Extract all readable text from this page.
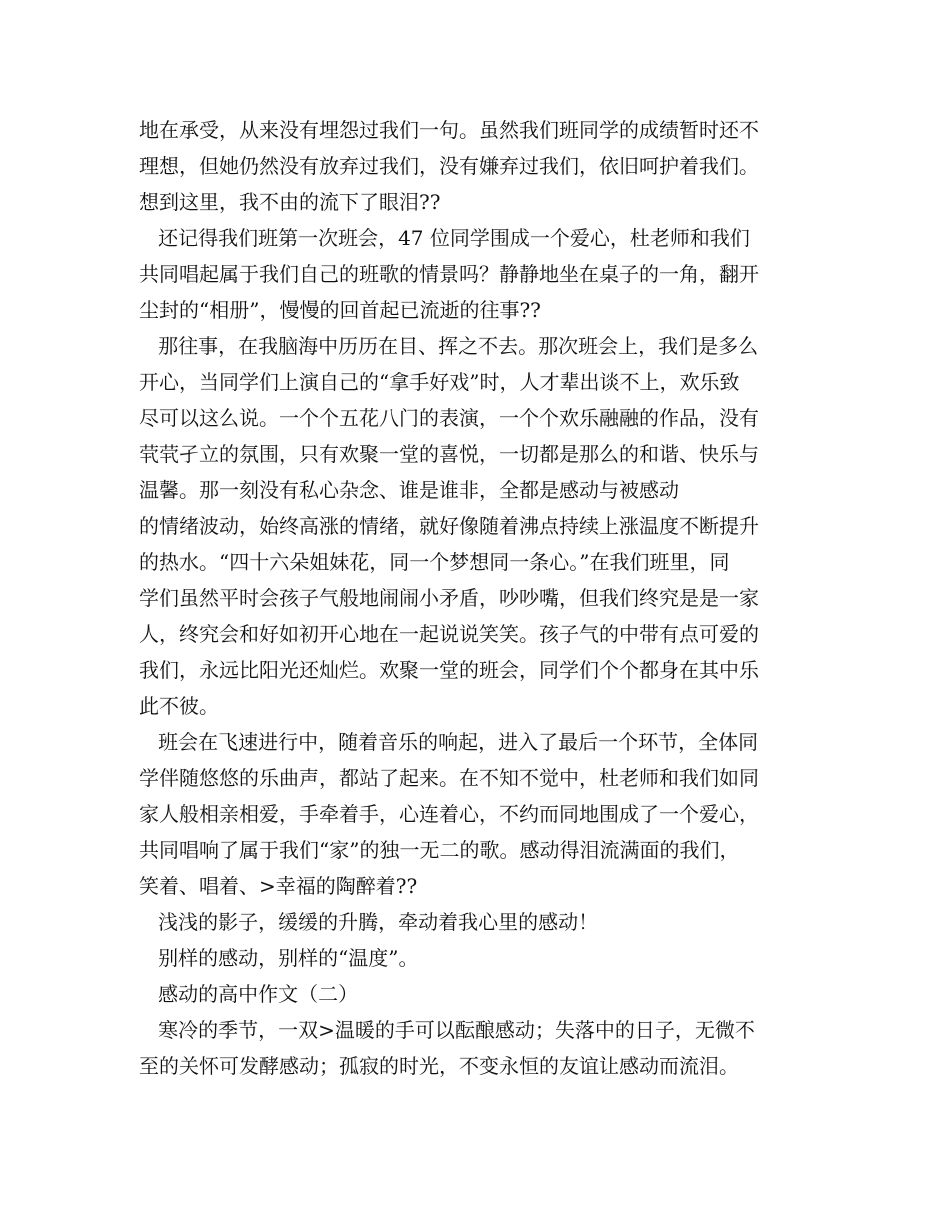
地在承受，从来没有埋怨过我们一句。虽然我们班同学的成绩暂时还不
理想，但她仍然没有放弃过我们，没有嫌弃过我们，依旧呵护着我们。
想到这里，我不由的流下了眼泪??
还记得我们班第一次班会，47 位同学围成一个爱心，杜老师和我们
共同唱起属于我们自己的班歌的情景吗？静静地坐在桌子的一角，翻开
尘封的“相册”，慢慢的回首起已流逝的往事??
那往事，在我脑海中历历在目、挥之不去。那次班会上，我们是多么
开心，当同学们上演自己的“拿手好戏”时，人才辈出谈不上，欢乐致
尽可以这么说。一个个五花八门的表演，一个个欢乐融融的作品，没有
茕茕孑立的氛围，只有欢聚一堂的喜悦，一切都是那么的和谐、快乐与
温馨。那一刻没有私心杂念、谁是谁非，全都是感动与被感动
的情绪波动，始终高涨的情绪，就好像随着沸点持续上涨温度不断提升
的热水。“四十六朵姐妹花，同一个梦想同一条心。”在我们班里，同
学们虽然平时会孩子气般地闹闹小矛盾，吵吵嘴，但我们终究是是一家
人，终究会和好如初开心地在一起说说笑笑。孩子气的中带有点可爱的
我们，永远比阳光还灿烂。欢聚一堂的班会，同学们个个都身在其中乐
此不彼。
班会在飞速进行中，随着音乐的响起，进入了最后一个环节，全体同
学伴随悠悠的乐曲声，都站了起来。在不知不觉中，杜老师和我们如同
家人般相亲相爱，手牵着手，心连着心，不约而同地围成了一个爱心，
共同唱响了属于我们“家”的独一无二的歌。感动得泪流满面的我们，
笑着、唱着、>幸福的陶醉着??
浅浅的影子，缓缓的升腾，牵动着我心里的感动！
别样的感动，别样的“温度”。
感动的高中作文（二）
寒冷的季节，一双>温暖的手可以酝酿感动；失落中的日子，无微不
至的关怀可发酵感动；孤寂的时光，不变永恒的友谊让感动而流泪。
